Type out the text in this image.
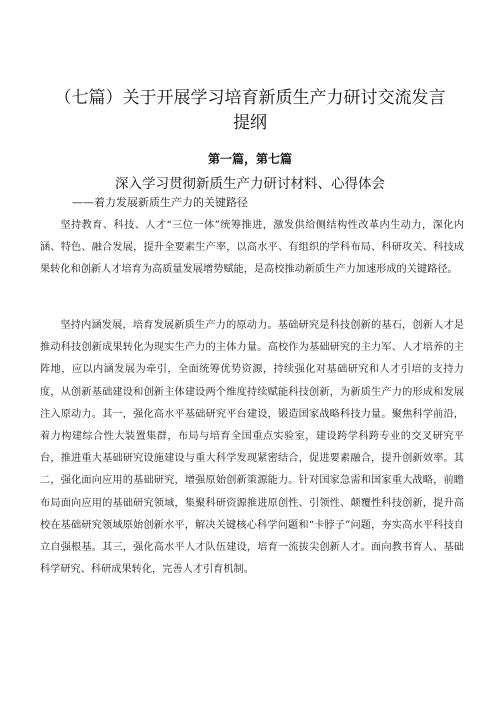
（七篇）关于开展学习培育新质生产力研讨交流发言
提纲
第一篇，第七篇
深入学习贯彻新质生产力研讨材料、心得体会
——着力发展新质生产力的关键路径

坚持教育、科技、人才“三位一体”统筹推进，激发供给侧结构性改革内生动力，深化内涵、特色、融合发展，提升全要素生产率，以高水平、有组织的学科布局、科研攻关、科技成果转化和创新人才培育为高质量发展增势赋能，是高校推动新质生产力加速形成的关键路径。

坚持内涵发展，培育发展新质生产力的原动力。基础研究是科技创新的基石，创新人才是推动科技创新成果转化为现实生产力的主体力量。高校作为基础研究的主力军、人才培养的主阵地，应以内涵发展为牵引，全面统筹优势资源，持续强化对基础研究和人才引培的支持力度，从创新基础建设和创新主体建设两个维度持续赋能科技创新，为新质生产力的形成和发展注入原动力。其一，强化高水平基础研究平台建设，锻造国家战略科技力量。聚焦科学前沿，着力构建综合性大装置集群，布局与培育全国重点实验室，建设跨学科跨专业的交叉研究平台，推进重大基础研究设施建设与重大科学发现紧密结合，促进要素融合，提升创新效率。其二，强化面向应用的基础研究，增强原始创新策源能力。针对国家急需和国家重大战略，前瞻布局面向应用的基础研究领域，集聚科研资源推进原创性、引领性、颠覆性科技创新，提升高校在基础研究领域原始创新水平，解决关键核心科学问题和“卡脖子”问题，夯实高水平科技自立自强根基。其三，强化高水平人才队伍建设，培育一流拔尖创新人才。面向教书育人、基础科学研究、科研成果转化，完善人才引育机制。
